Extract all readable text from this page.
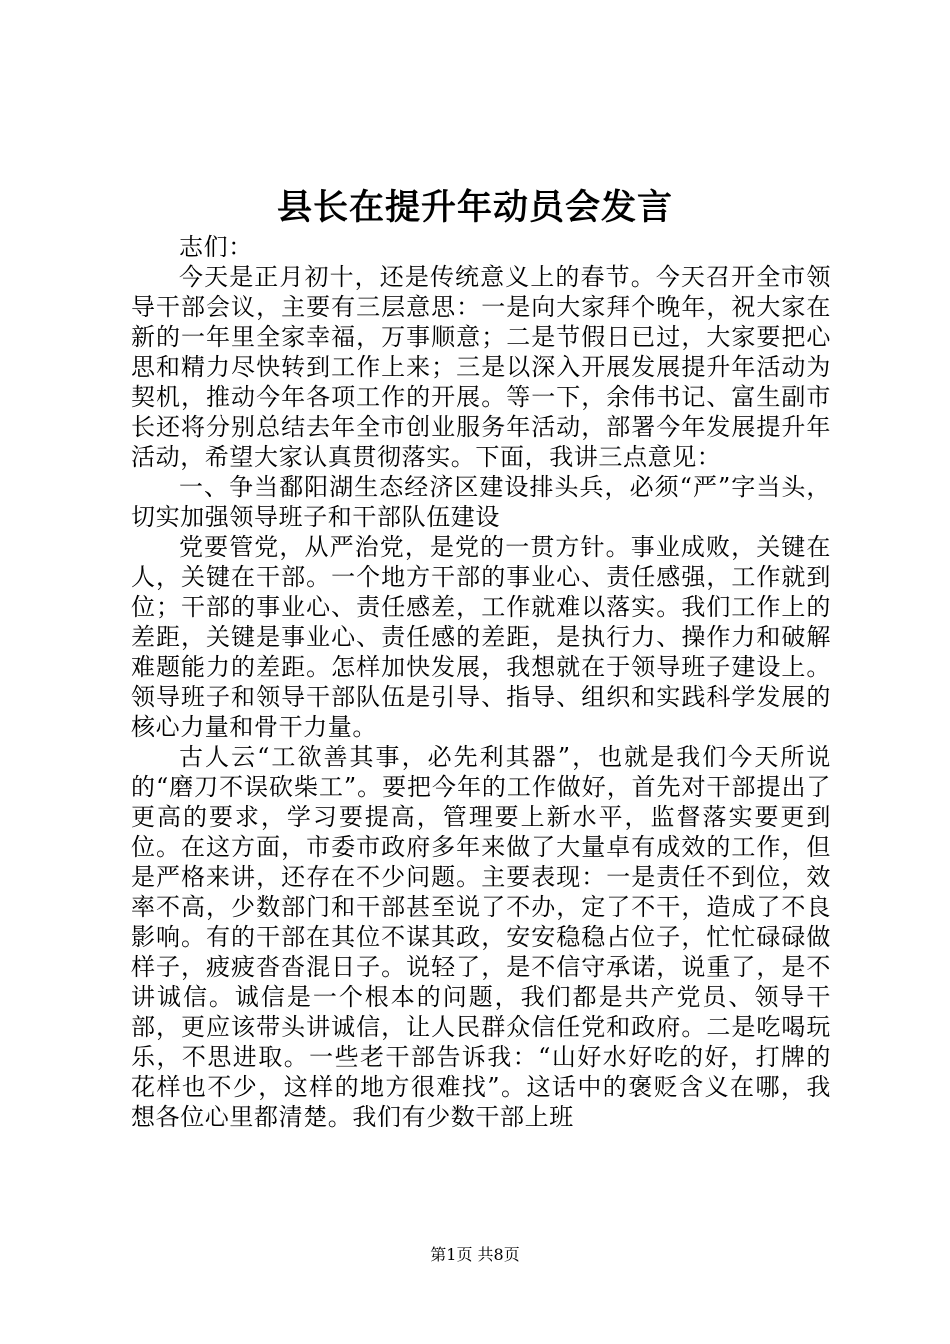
县长在提升年动员会发言

志们：

今天是正月初十，还是传统意义上的春节。今天召开全市领导干部会议，主要有三层意思：一是向大家拜个晚年，祝大家在新的一年里全家幸福，万事顺意；二是节假日已过，大家要把心思和精力尽快转到工作上来；三是以深入开展发展提升年活动为契机，推动今年各项工作的开展。等一下，余伟书记、富生副市长还将分别总结去年全市创业服务年活动，部署今年发展提升年活动，希望大家认真贯彻落实。下面，我讲三点意见：

一、争当鄱阳湖生态经济区建设排头兵，必须“严”字当头，切实加强领导班子和干部队伍建设

党要管党，从严治党，是党的一贯方针。事业成败，关键在人，关键在干部。一个地方干部的事业心、责任感强，工作就到位；干部的事业心、责任感差，工作就难以落实。我们工作上的差距，关键是事业心、责任感的差距，是执行力、操作力和破解难题能力的差距。怎样加快发展，我想就在于领导班子建设上。领导班子和领导干部队伍是引导、指导、组织和实践科学发展的核心力量和骨干力量。

古人云“工欲善其事，必先利其器”，也就是我们今天所说的“磨刀不误砍柴工”。要把今年的工作做好，首先对干部提出了更高的要求，学习要提高，管理要上新水平，监督落实要更到位。在这方面，市委市政府多年来做了大量卓有成效的工作，但是严格来讲，还存在不少问题。主要表现：一是责任不到位，效率不高，少数部门和干部甚至说了不办，定了不干，造成了不良影响。有的干部在其位不谋其政，安安稳稳占位子，忙忙碌碌做样子，疲疲沓沓混日子。说轻了，是不信守承诺，说重了，是不讲诚信。诚信是一个根本的问题，我们都是共产党员、领导干部，更应该带头讲诚信，让人民群众信任党和政府。二是吃喝玩乐，不思进取。一些老干部告诉我：“山好水好吃的好，打牌的花样也不少，这样的地方很难找”。这话中的褒贬含义在哪，我想各位心里都清楚。我们有少数干部上班

第1页 共8页
